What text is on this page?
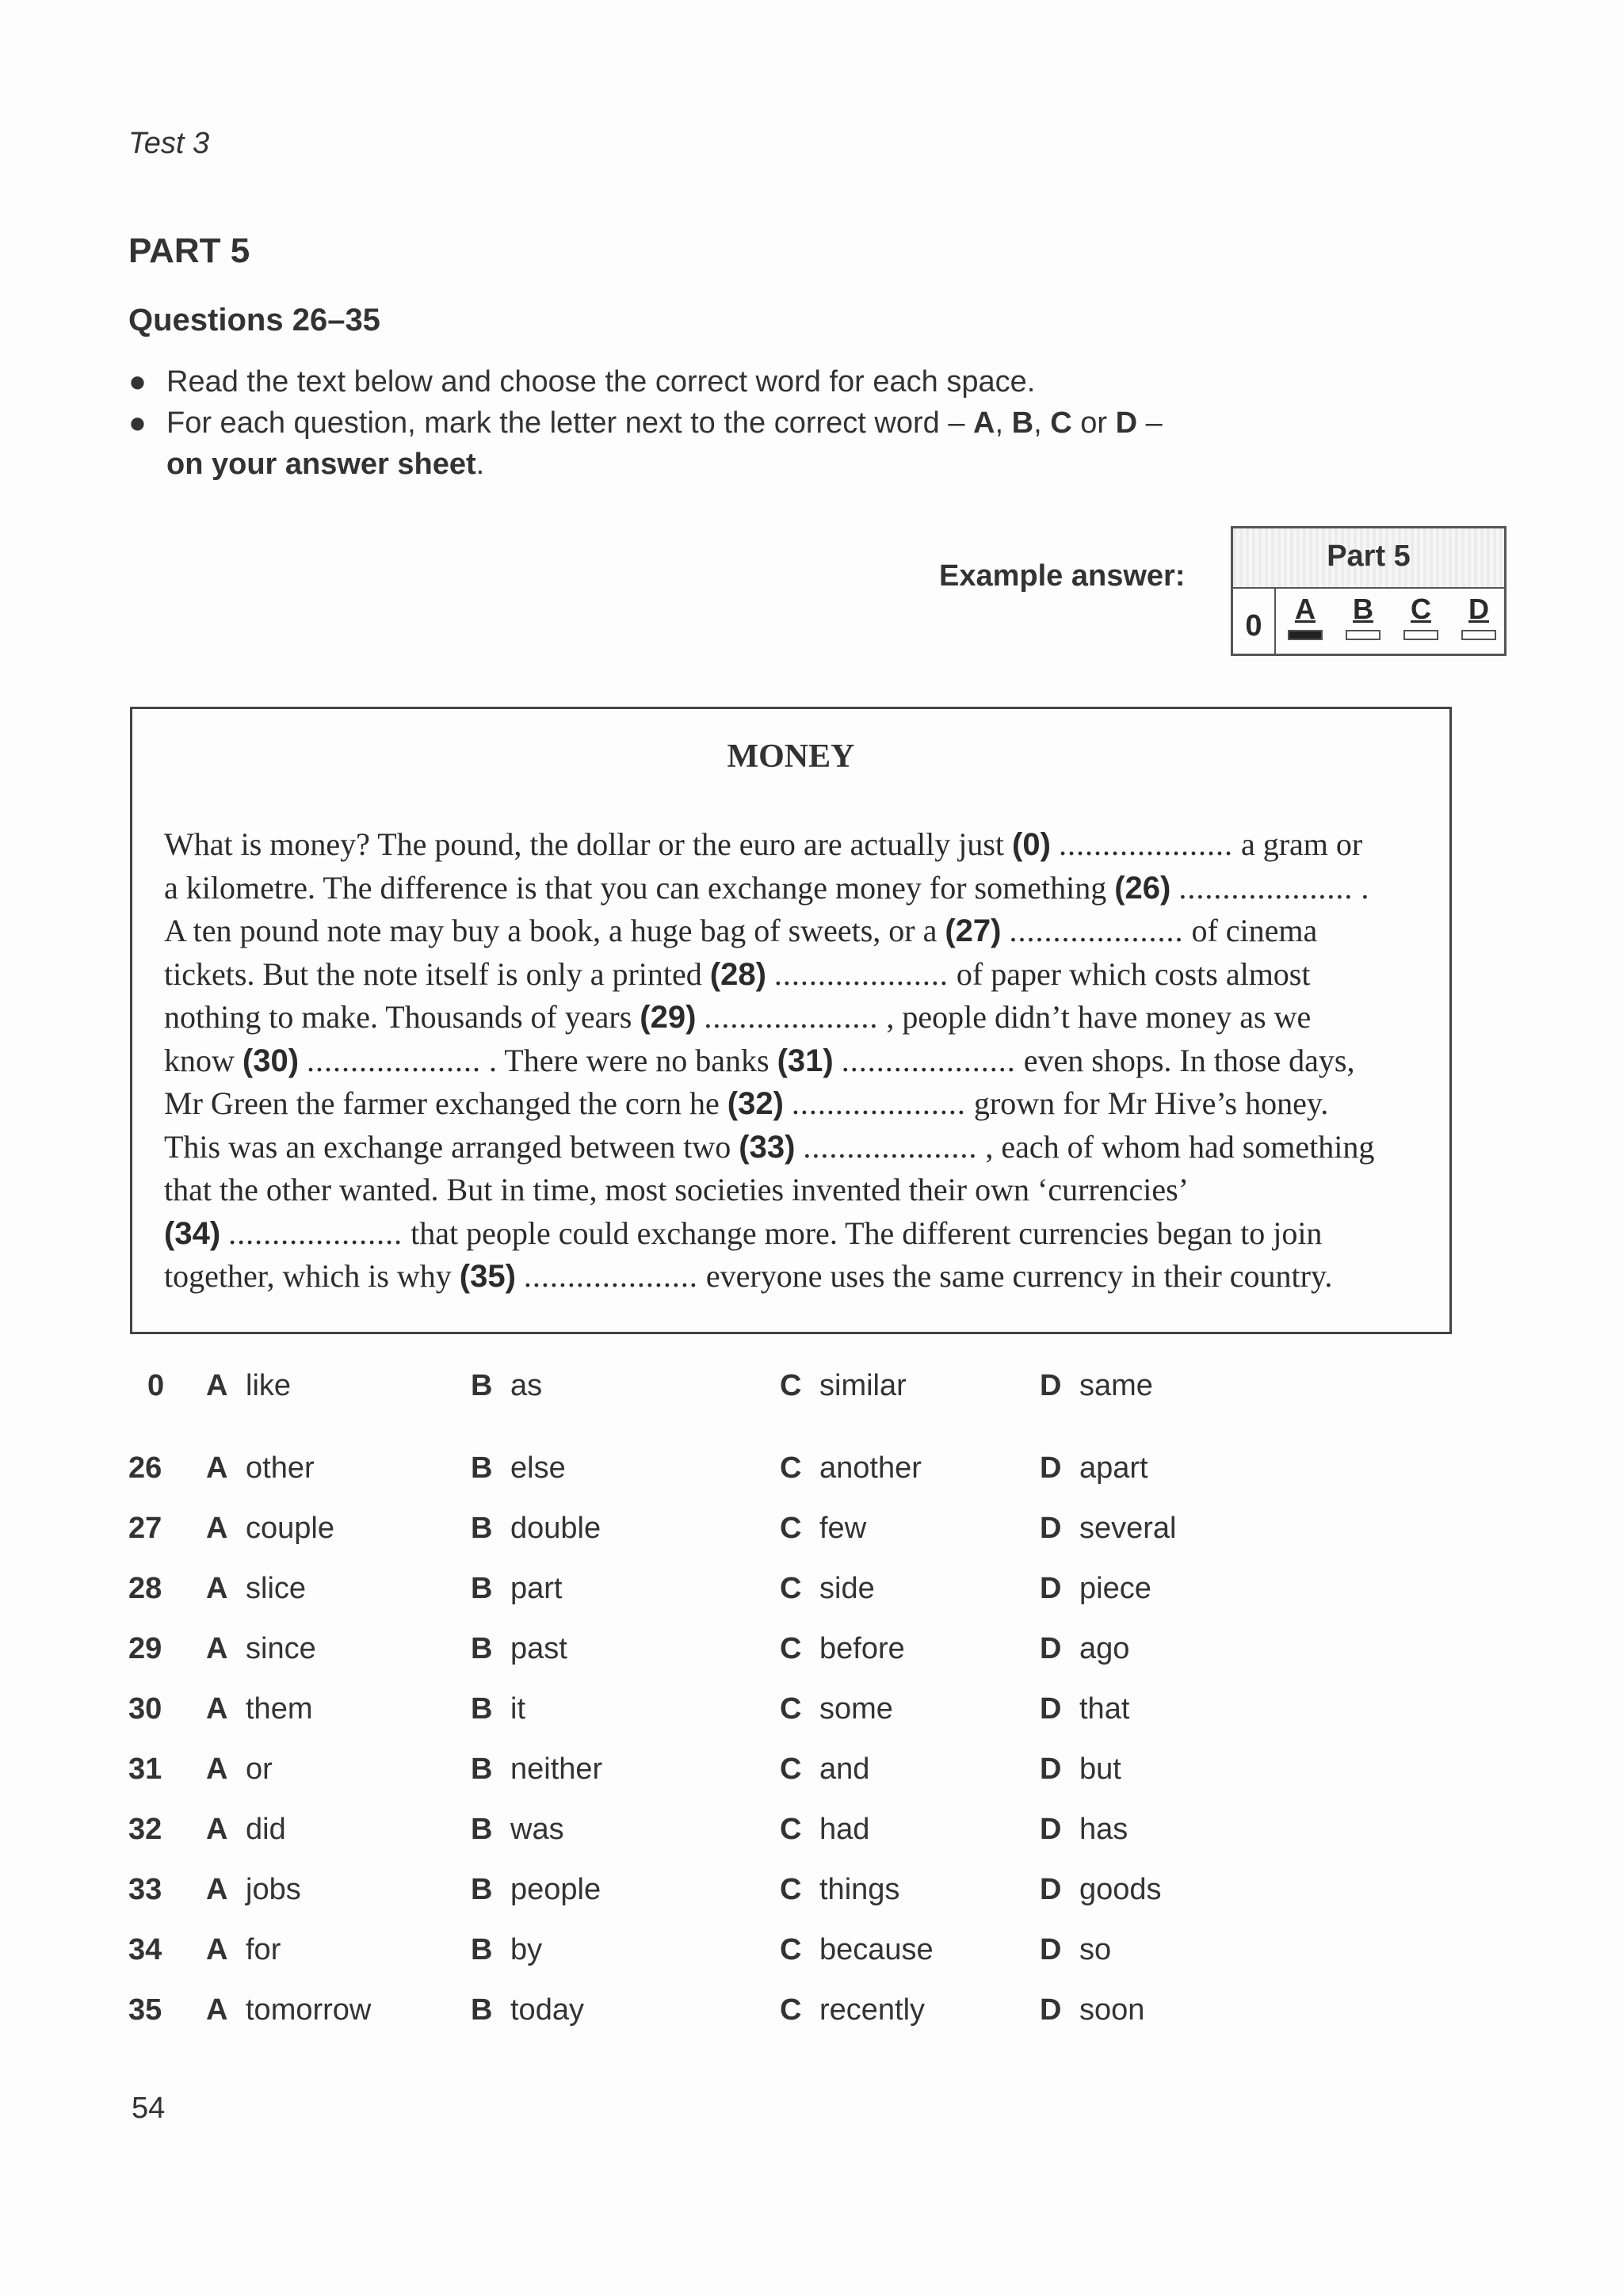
Test 3
PART 5
Questions 26–35
● Read the text below and choose the correct word for each space.
● For each question, mark the letter next to the correct word – A, B, C or D –
on your answer sheet.
Example answer:
Part 5
0
A	B	C	D
MONEY
What is money? The pound, the dollar or the euro are actually just (0) .................... a gram or
a kilometre. The difference is that you can exchange money for something (26) .................... .
A ten pound note may buy a book, a huge bag of sweets, or a (27) .................... of cinema
tickets. But the note itself is only a printed (28) .................... of paper which costs almost
nothing to make. Thousands of years (29) .................... , people didn’t have money as we
know (30) .................... . There were no banks (31) .................... even shops. In those days,
Mr Green the farmer exchanged the corn he (32) .................... grown for Mr Hive’s honey.
This was an exchange arranged between two (33) .................... , each of whom had something
that the other wanted. But in time, most societies invented their own ‘currencies’
(34) .................... that people could exchange more. The different currencies began to join
together, which is why (35) .................... everyone uses the same currency in their country.
0 A like	B as	C similar	D same
26 A other	B else	C another	D apart
27 A couple	B double	C few	D several
28 A slice	B part	C side	D piece
29 A since	B past	C before	D ago
30 A them	B it	C some	D that
31 A or	B neither	C and	D but
32 A did	B was	C had	D has
33 A jobs	B people	C things	D goods
34 A for	B by	C because	D so
35 A tomorrow	B today	C recently	D soon
54
